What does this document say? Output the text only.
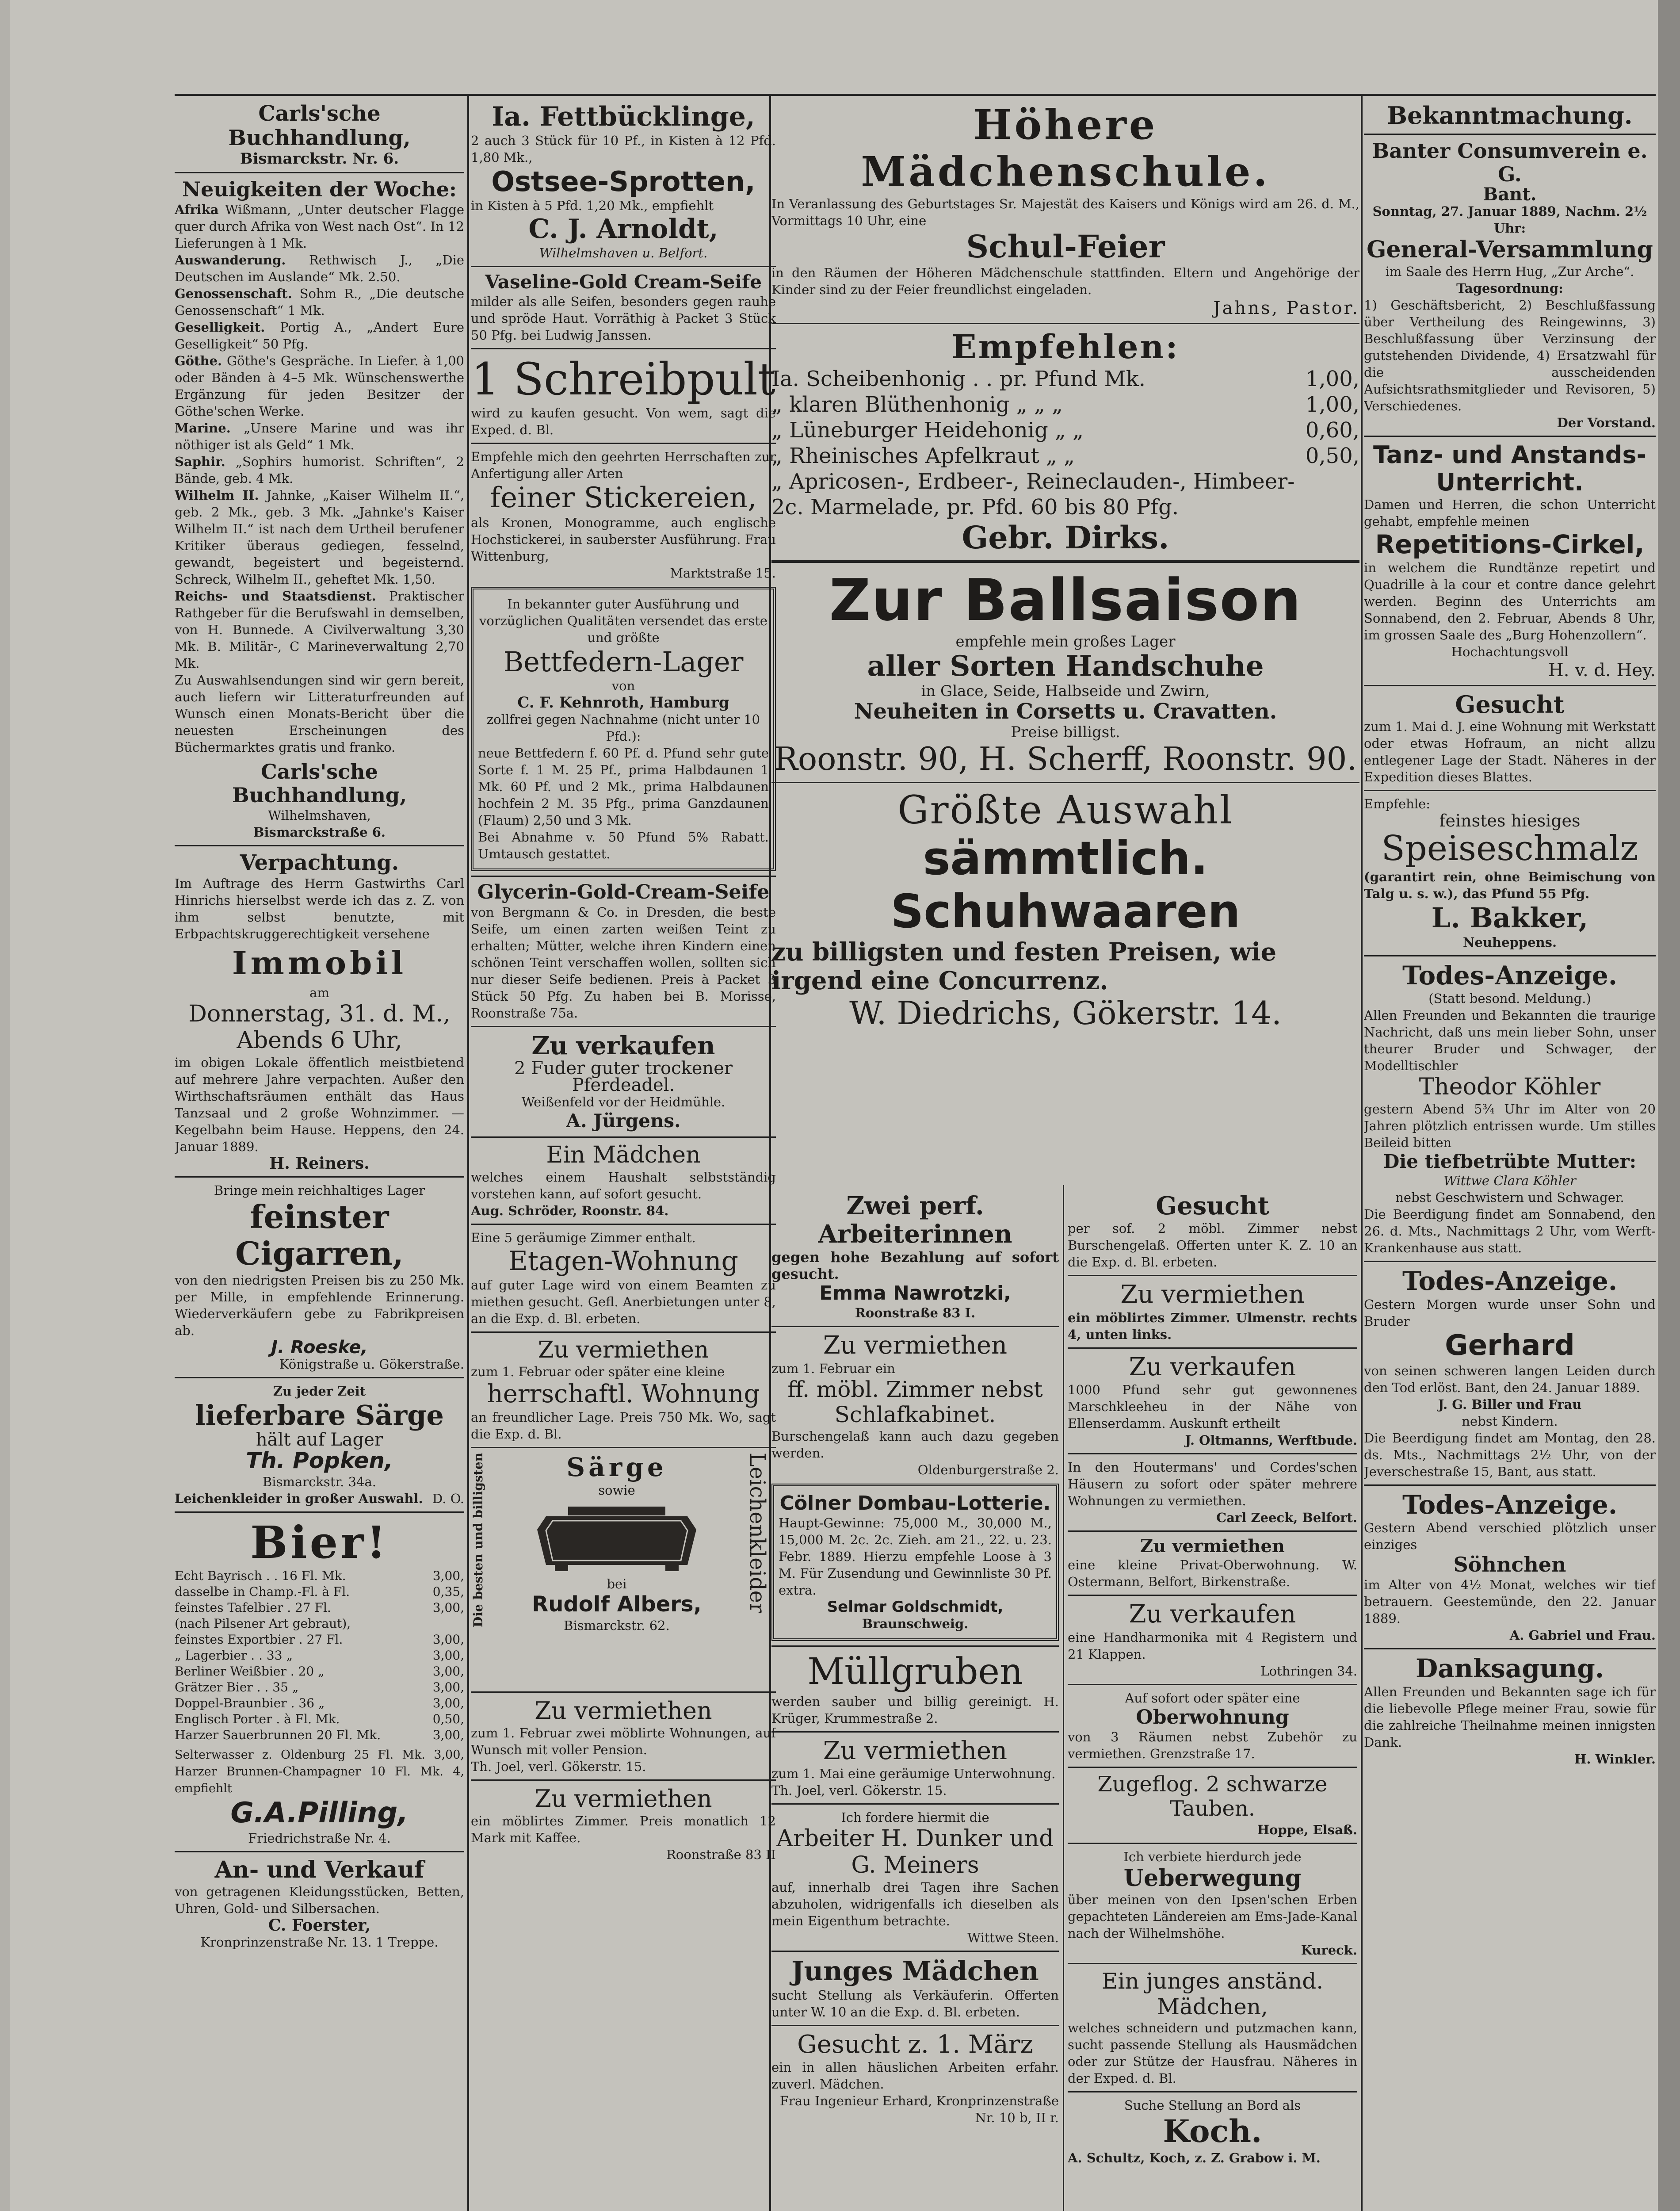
Carls'sche Buchhandlung,

Bismarckstr. Nr. 6.

Neuigkeiten der Woche:

Afrika Wißmann, „Unter deutscher Flagge quer durch Afrika von West nach Ost“. In 12 Lieferungen à 1 Mk.

Auswanderung. Rethwisch J., „Die Deutschen im Auslande“ Mk. 2.50.

Genossenschaft. Sohm R., „Die deutsche Genossenschaft“ 1 Mk.

Geselligkeit. Portig A., „Andert Eure Geselligkeit“ 50 Pfg.

Göthe. Göthe's Gespräche. In Liefer. à 1,00 oder Bänden à 4–5 Mk. Wünschenswerthe Ergänzung für jeden Besitzer der Göthe'schen Werke.

Marine. „Unsere Marine und was ihr nöthiger ist als Geld“ 1 Mk.

Saphir. „Sophirs humorist. Schriften“, 2 Bände, geb. 4 Mk.

Wilhelm II. Jahnke, „Kaiser Wilhelm II.“, geb. 2 Mk., geb. 3 Mk. „Jahnke's Kaiser Wilhelm II.“ ist nach dem Urtheil berufener Kritiker überaus gediegen, fesselnd, gewandt, begeistert und begeisternd. Schreck, Wilhelm II., geheftet Mk. 1,50.

Reichs- und Staatsdienst. Praktischer Rathgeber für die Berufswahl in demselben, von H. Bunnede. A Civilverwaltung 3,30 Mk. B. Militär-, C Marineverwaltung 2,70 Mk.

Zu Auswahlsendungen sind wir gern bereit, auch liefern wir Litteraturfreunden auf Wunsch einen Monats-Bericht über die neuesten Erscheinungen des Büchermarktes gratis und franko.

Carls'sche Buchhandlung,

Wilhelmshaven,

Bismarckstraße 6.

Verpachtung.

Im Auftrage des Herrn Gastwirths Carl Hinrichs hierselbst werde ich das z. Z. von ihm selbst benutzte, mit Erbpachtskruggerechtigkeit versehene

Immobil

am

Donnerstag, 31. d. M.,

Abends 6 Uhr,

im obigen Lokale öffentlich meistbietend auf mehrere Jahre verpachten. Außer den Wirthschaftsräumen enthält das Haus Tanzsaal und 2 große Wohnzimmer. — Kegelbahn beim Hause. Heppens, den 24. Januar 1889.

H. Reiners.

Bringe mein reichhaltiges Lager

feinster Cigarren,

von den niedrigsten Preisen bis zu 250 Mk. per Mille, in empfehlende Erinnerung. Wiederverkäufern gebe zu Fabrikpreisen ab.

J. Roeske,

Königstraße u. Gökerstraße.

Zu jeder Zeit

lieferbare Särge

hält auf Lager

Th. Popken,

Bismarckstr. 34a.

Leichenkleider in großer Auswahl. D. O.

Bier!

Echt Bayrisch . . 16 Fl. Mk.	3,00,
dasselbe in Champ.-Fl. à Fl.	0,35,
feinstes Tafelbier . 27 Fl.	3,00,
(nach Pilsener Art gebraut),	
feinstes Exportbier . 27 Fl.	3,00,
„ Lagerbier . . 33 „	3,00,
Berliner Weißbier . 20 „	3,00,
Grätzer Bier . . 35 „	3,00,
Doppel-Braunbier . 36 „	3,00,
Englisch Porter . à Fl. Mk.	0,50,
Harzer Sauerbrunnen 20 Fl. Mk.	3,00,

Selterwasser z. Oldenburg 25 Fl. Mk. 3,00, Harzer Brunnen-Champagner 10 Fl. Mk. 4, empfiehlt

G.A.Pilling,

Friedrichstraße Nr. 4.

An- und Verkauf

von getragenen Kleidungsstücken, Betten, Uhren, Gold- und Silbersachen.

C. Foerster,

Kronprinzenstraße Nr. 13. 1 Treppe.

Ia. Fettbücklinge,

2 auch 3 Stück für 10 Pf., in Kisten à 12 Pfd. 1,80 Mk.,

Ostsee-Sprotten,

in Kisten à 5 Pfd. 1,20 Mk., empfiehlt

C. J. Arnoldt,

Wilhelmshaven u. Belfort.

Vaseline-Gold Cream-Seife

milder als alle Seifen, besonders gegen rauhe und spröde Haut. Vorräthig à Packet 3 Stück 50 Pfg. bei Ludwig Janssen.

1 Schreibpult

wird zu kaufen gesucht. Von wem, sagt die Exped. d. Bl.

Empfehle mich den geehrten Herrschaften zur Anfertigung aller Arten

feiner Stickereien,

als Kronen, Monogramme, auch englische Hochstickerei, in sauberster Ausführung. Frau Wittenburg,

Marktstraße 15.

In bekannter guter Ausführung und vorzüglichen Qualitäten versendet das erste und größte

Bettfedern-Lager

von

C. F. Kehnroth, Hamburg

zollfrei gegen Nachnahme (nicht unter 10 Pfd.):

neue Bettfedern f. 60 Pf. d. Pfund sehr gute Sorte f. 1 M. 25 Pf., prima Halbdaunen 1 Mk. 60 Pf. und 2 Mk., prima Halbdaunen hochfein 2 M. 35 Pfg., prima Ganzdaunen (Flaum) 2,50 und 3 Mk.

Bei Abnahme v. 50 Pfund 5% Rabatt. Umtausch gestattet.

Glycerin-Gold-Cream-Seife

von Bergmann & Co. in Dresden, die beste Seife, um einen zarten weißen Teint zu erhalten; Mütter, welche ihren Kindern einen schönen Teint verschaffen wollen, sollten sich nur dieser Seife bedienen. Preis à Packet 3 Stück 50 Pfg. Zu haben bei B. Morisse, Roonstraße 75a.

Zu verkaufen

2 Fuder guter trockener Pferdeadel.

Weißenfeld vor der Heidmühle.

A. Jürgens.

Ein Mädchen

welches einem Haushalt selbstständig vorstehen kann, auf sofort gesucht.

Aug. Schröder, Roonstr. 84.

Eine 5 geräumige Zimmer enthalt.

Etagen-Wohnung

auf guter Lage wird von einem Beamten zu miethen gesucht. Gefl. Anerbietungen unter 8, an die Exp. d. Bl. erbeten.

Zu vermiethen

zum 1. Februar oder später eine kleine

herrschaftl. Wohnung

an freundlicher Lage. Preis 750 Mk. Wo, sagt die Exp. d. Bl.

Die besten und billigsten	Leichenkleider

Särge

sowie

bei

Rudolf Albers,

Bismarckstr. 62.

Zu vermiethen

zum 1. Februar zwei möblirte Wohnungen, auf Wunsch mit voller Pension.

Th. Joel, verl. Gökerstr. 15.

Zu vermiethen

ein möblirtes Zimmer. Preis monatlich 12 Mark mit Kaffee.

Roonstraße 83 II

Höhere Mädchenschule.

In Veranlassung des Geburtstages Sr. Majestät des Kaisers und Königs wird am 26. d. M., Vormittags 10 Uhr, eine

Schul-Feier

in den Räumen der Höheren Mädchenschule stattfinden. Eltern und Angehörige der Kinder sind zu der Feier freundlichst eingeladen.

Jahns, Pastor.

Empfehlen:

Ia. Scheibenhonig . . pr. Pfund Mk.	1,00,
„ klaren Blüthenhonig „ „ „	1,00,
„ Lüneburger Heidehonig „ „	0,60,
„ Rheinisches Apfelkraut „ „	0,50,
„ Apricosen-, Erdbeer-, Reineclauden-, Himbeer-	

2c. Marmelade, pr. Pfd. 60 bis 80 Pfg.

Gebr. Dirks.

Zur Ballsaison

empfehle mein großes Lager

aller Sorten Handschuhe

in Glace, Seide, Halbseide und Zwirn,

Neuheiten in Corsetts u. Cravatten.

Preise billigst.

Roonstr. 90, H. Scherff, Roonstr. 90.

Größte Auswahl

sämmtlich. Schuhwaaren

zu billigsten und festen Preisen, wie irgend eine Concurrenz.

W. Diedrichs, Gökerstr. 14.

Zwei perf. Arbeiterinnen

gegen hohe Bezahlung auf sofort gesucht.

Emma Nawrotzki,

Roonstraße 83 I.

Zu vermiethen

zum 1. Februar ein

ff. möbl. Zimmer nebst Schlafkabinet.

Burschengelaß kann auch dazu gegeben werden.

Oldenburgerstraße 2.

Cölner Dombau-Lotterie.

Haupt-Gewinne: 75,000 M., 30,000 M., 15,000 M. 2c. 2c. Zieh. am 21., 22. u. 23. Febr. 1889. Hierzu empfehle Loose à 3 M. Für Zusendung und Gewinnliste 30 Pf. extra.

Selmar Goldschmidt,

Braunschweig.

Müllgruben

werden sauber und billig gereinigt. H. Krüger, Krummestraße 2.

Zu vermiethen

zum 1. Mai eine geräumige Unterwohnung.

Th. Joel, verl. Gökerstr. 15.

Ich fordere hiermit die

Arbeiter H. Dunker und G. Meiners

auf, innerhalb drei Tagen ihre Sachen abzuholen, widrigenfalls ich dieselben als mein Eigenthum betrachte.

Wittwe Steen.

Junges Mädchen

sucht Stellung als Verkäuferin. Offerten unter W. 10 an die Exp. d. Bl. erbeten.

Gesucht z. 1. März

ein in allen häuslichen Arbeiten erfahr. zuverl. Mädchen.

Frau Ingenieur Erhard, Kronprinzenstraße Nr. 10 b, II r.

Gesucht

per sof. 2 möbl. Zimmer nebst Burschengelaß. Offerten unter K. Z. 10 an die Exp. d. Bl. erbeten.

Zu vermiethen

ein möblirtes Zimmer. Ulmenstr. rechts 4, unten links.

Zu verkaufen

1000 Pfund sehr gut gewonnenes Marschkleeheu in der Nähe von Ellenserdamm. Auskunft ertheilt

J. Oltmanns, Werftbude.

In den Houtermans' und Cordes'schen Häusern zu sofort oder später mehrere Wohnungen zu vermiethen.

Carl Zeeck, Belfort.

Zu vermiethen

eine kleine Privat-Oberwohnung. W. Ostermann, Belfort, Birkenstraße.

Zu verkaufen

eine Handharmonika mit 4 Registern und 21 Klappen.

Lothringen 34.

Auf sofort oder später eine

Oberwohnung

von 3 Räumen nebst Zubehör zu vermiethen. Grenzstraße 17.

Zugeflog. 2 schwarze Tauben.

Hoppe, Elsaß.

Ich verbiete hierdurch jede

Ueberwegung

über meinen von den Ipsen'schen Erben gepachteten Ländereien am Ems-Jade-Kanal nach der Wilhelmshöhe.

Kureck.

Ein junges anständ. Mädchen,

welches schneidern und putzmachen kann, sucht passende Stellung als Hausmädchen oder zur Stütze der Hausfrau. Näheres in der Exped. d. Bl.

Suche Stellung an Bord als

Koch.

A. Schultz, Koch, z. Z. Grabow i. M.

Bekanntmachung.

Banter Consumverein e. G.

Bant.

Sonntag, 27. Januar 1889, Nachm. 2½ Uhr:

General-Versammlung

im Saale des Herrn Hug, „Zur Arche“.

Tagesordnung:

1) Geschäftsbericht, 2) Beschlußfassung über Vertheilung des Reingewinns, 3) Beschlußfassung über Verzinsung der gutstehenden Dividende, 4) Ersatzwahl für die ausscheidenden Aufsichtsrathsmitglieder und Revisoren, 5) Verschiedenes.

Der Vorstand.

Tanz- und Anstands-Unterricht.

Damen und Herren, die schon Unterricht gehabt, empfehle meinen

Repetitions-Cirkel,

in welchem die Rundtänze repetirt und Quadrille à la cour et contre dance gelehrt werden. Beginn des Unterrichts am Sonnabend, den 2. Februar, Abends 8 Uhr, im grossen Saale des „Burg Hohenzollern“.

Hochachtungsvoll

H. v. d. Hey.

Gesucht

zum 1. Mai d. J. eine Wohnung mit Werkstatt oder etwas Hofraum, an nicht allzu entlegener Lage der Stadt. Näheres in der Expedition dieses Blattes.

Empfehle:

feinstes hiesiges

Speiseschmalz

(garantirt rein, ohne Beimischung von Talg u. s. w.), das Pfund 55 Pfg.

L. Bakker,

Neuheppens.

Todes-Anzeige.

(Statt besond. Meldung.)

Allen Freunden und Bekannten die traurige Nachricht, daß uns mein lieber Sohn, unser theurer Bruder und Schwager, der Modelltischler

Theodor Köhler

gestern Abend 5¾ Uhr im Alter von 20 Jahren plötzlich entrissen wurde. Um stilles Beileid bitten

Die tiefbetrübte Mutter:

Wittwe Clara Köhler

nebst Geschwistern und Schwager.

Die Beerdigung findet am Sonnabend, den 26. d. Mts., Nachmittags 2 Uhr, vom Werft-Krankenhause aus statt.

Todes-Anzeige.

Gestern Morgen wurde unser Sohn und Bruder

Gerhard

von seinen schweren langen Leiden durch den Tod erlöst. Bant, den 24. Januar 1889.

J. G. Biller und Frau

nebst Kindern.

Die Beerdigung findet am Montag, den 28. ds. Mts., Nachmittags 2½ Uhr, von der Jeverschestraße 15, Bant, aus statt.

Todes-Anzeige.

Gestern Abend verschied plötzlich unser einziges

Söhnchen

im Alter von 4½ Monat, welches wir tief betrauern. Geestemünde, den 22. Januar 1889.

A. Gabriel und Frau.

Danksagung.

Allen Freunden und Bekannten sage ich für die liebevolle Pflege meiner Frau, sowie für die zahlreiche Theilnahme meinen innigsten Dank.

H. Winkler.
